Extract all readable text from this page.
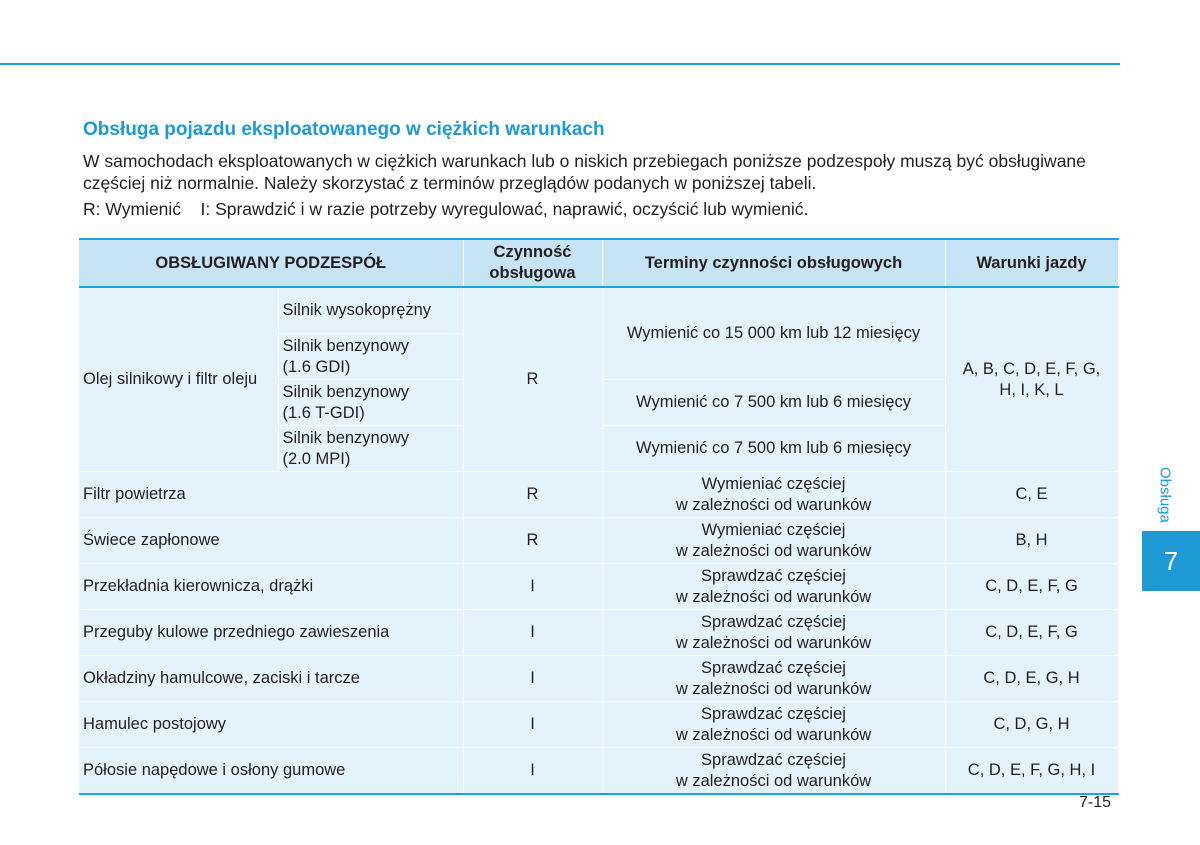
Obsługa pojazdu eksploatowanego w ciężkich warunkach

W samochodach eksploatowanych w ciężkich warunkach lub o niskich przebiegach poniższe podzespoły muszą być obsługiwane częściej niż normalnie. Należy skorzystać z terminów przeglądów podanych w poniższej tabeli.

R: Wymienić    I: Sprawdzić i w razie potrzeby wyregulować, naprawić, oczyścić lub wymienić.

OBSŁUGIWANY PODZESPÓŁ		Czynność
obsługowa	Terminy czynności obsługowych	Warunki jazdy
Olej silnikowy i filtr oleju	Silnik wysokoprężny	R	Wymienić co 15 000 km lub 12 miesięcy	A, B, C, D, E, F, G,
H, I, K, L
	Silnik benzynowy
(1.6 GDI)			

	Silnik benzynowy
(1.6 T-GDI)		Wymienić co 7 500 km lub 6 miesięcy	

	Silnik benzynowy
(2.0 MPI)		Wymienić co 7 500 km lub 6 miesięcy	

Filtr powietrza		R	Wymieniać częściej
w zależności od warunków	C, E
Świece zapłonowe		R	Wymieniać częściej
w zależności od warunków	B, H
Przekładnia kierownicza, drążki		I	Sprawdzać częściej
w zależności od warunków	C, D, E, F, G
Przeguby kulowe przedniego zawieszenia		I	Sprawdzać częściej
w zależności od warunków	C, D, E, F, G
Okładziny hamulcowe, zaciski i tarcze		I	Sprawdzać częściej
w zależności od warunków	C, D, E, G, H
Hamulec postojowy		I	Sprawdzać częściej
w zależności od warunków	C, D, G, H
Półosie napędowe i osłony gumowe		I	Sprawdzać częściej
w zależności od warunków	C, D, E, F, G, H, I
Obsługa
7
7-15
